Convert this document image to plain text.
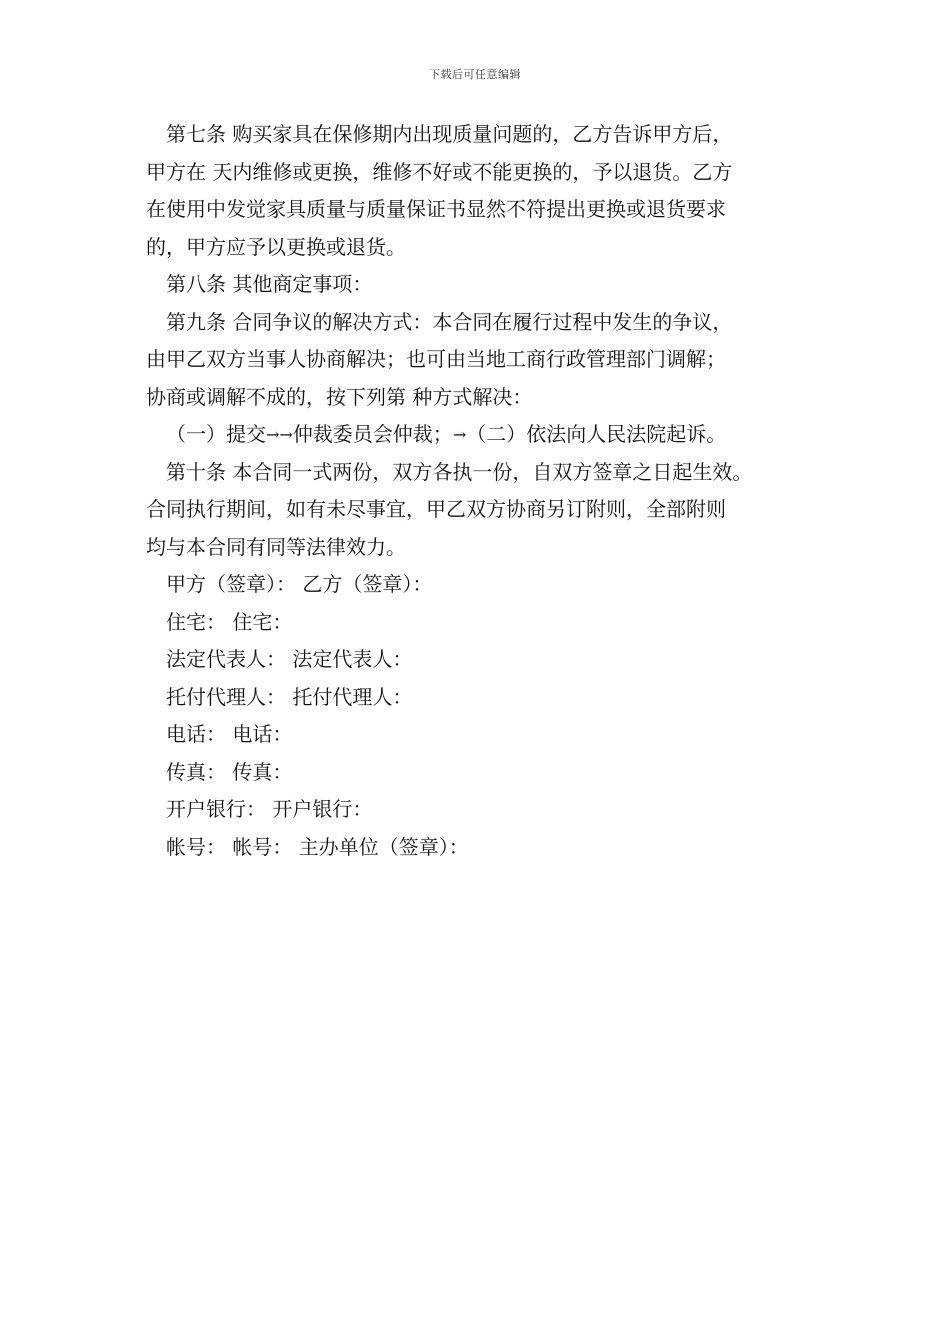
下载后可任意编辑
第七条 购买家具在保修期内出现质量问题的，乙方告诉甲方后，
甲方在 天内维修或更换，维修不好或不能更换的，予以退货。乙方
在使用中发觉家具质量与质量保证书显然不符提出更换或退货要求
的，甲方应予以更换或退货。
第八条 其他商定事项：
第九条 合同争议的解决方式：本合同在履行过程中发生的争议，
由甲乙双方当事人协商解决；也可由当地工商行政管理部门调解；
协商或调解不成的，按下列第 种方式解决：
（一）提交→→仲裁委员会仲裁；→（二）依法向人民法院起诉。
第十条 本合同一式两份，双方各执一份，自双方签章之日起生效。
合同执行期间，如有未尽事宜，甲乙双方协商另订附则，全部附则
均与本合同有同等法律效力。
甲方（签章）： 乙方（签章）：
住宅： 住宅：
法定代表人： 法定代表人：
托付代理人： 托付代理人：
电话： 电话：
传真： 传真：
开户银行： 开户银行：
帐号： 帐号： 主办单位（签章）：
